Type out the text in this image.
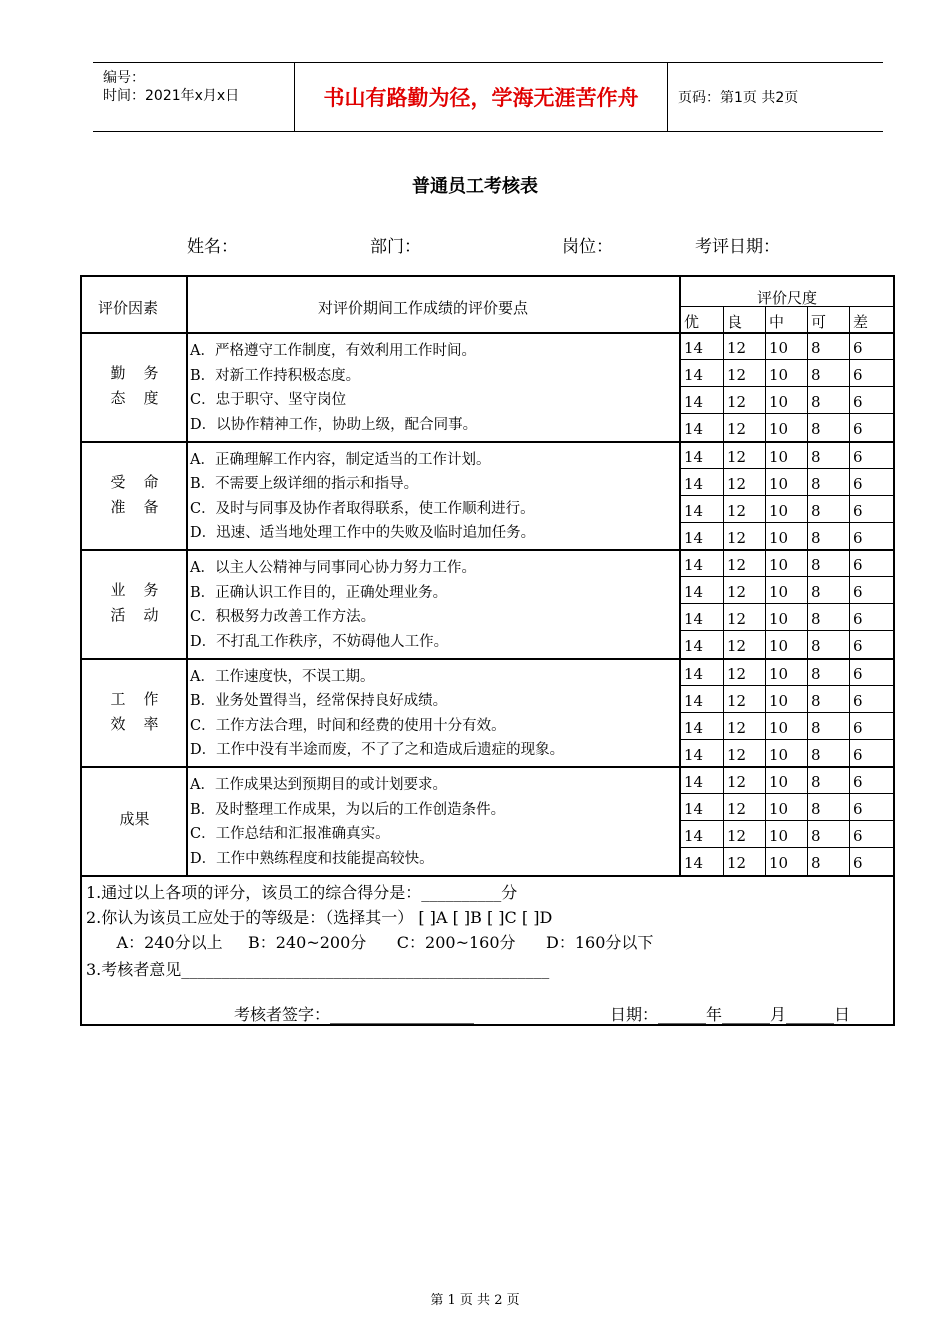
编号：
时间：2021年x月x日	书山有路勤为径，学海无涯苦作舟	页码：第1页 共2页
普通员工考核表
姓名：	部门：	岗位：	考评日期：
评价因素	对评价期间工作成绩的评价要点
评价尺度
优 良 中 可 差
勤务
态度
A．严格遵守工作制度，有效利用工作时间。	14 12 10 8 6
B．对新工作持积极态度。	14 12 10 8 6
C．忠于职守、坚守岗位	14 12 10 8 6
D．以协作精神工作，协助上级，配合同事。	14 12 10 8 6
受命
准备
A．正确理解工作内容，制定适当的工作计划。	14 12 10 8 6
B．不需要上级详细的指示和指导。	14 12 10 8 6
C．及时与同事及协作者取得联系，使工作顺利进行。	14 12 10 8 6
D．迅速、适当地处理工作中的失败及临时追加任务。	14 12 10 8 6
业务
活动
A．以主人公精神与同事同心协力努力工作。	14 12 10 8 6
B．正确认识工作目的，正确处理业务。	14 12 10 8 6
C．积极努力改善工作方法。	14 12 10 8 6
D．不打乱工作秩序，不妨碍他人工作。	14 12 10 8 6
工作
效率
A．工作速度快，不误工期。	14 12 10 8 6
B．业务处置得当，经常保持良好成绩。	14 12 10 8 6
C．工作方法合理，时间和经费的使用十分有效。	14 12 10 8 6
D．工作中没有半途而废，不了了之和造成后遗症的现象。	14 12 10 8 6
成果
A．工作成果达到预期目的或计划要求。	14 12 10 8 6
B．及时整理工作成果，为以后的工作创造条件。	14 12 10 8 6
C．工作总结和汇报准确真实。	14 12 10 8 6
D．工作中熟练程度和技能提高较快。	14 12 10 8 6
1.通过以上各项的评分，该员工的综合得分是：__________分
2.你认为该员工应处于的等级是：（选择其一） [ ]A [ ]B [ ]C [ ]D
A：240分以上     B：240~200分      C：200~160分      D：160分以下
3.考核者意见______________________________________________
考核者签字：__________________	日期：______年______月______日
第 1 页 共 2 页
